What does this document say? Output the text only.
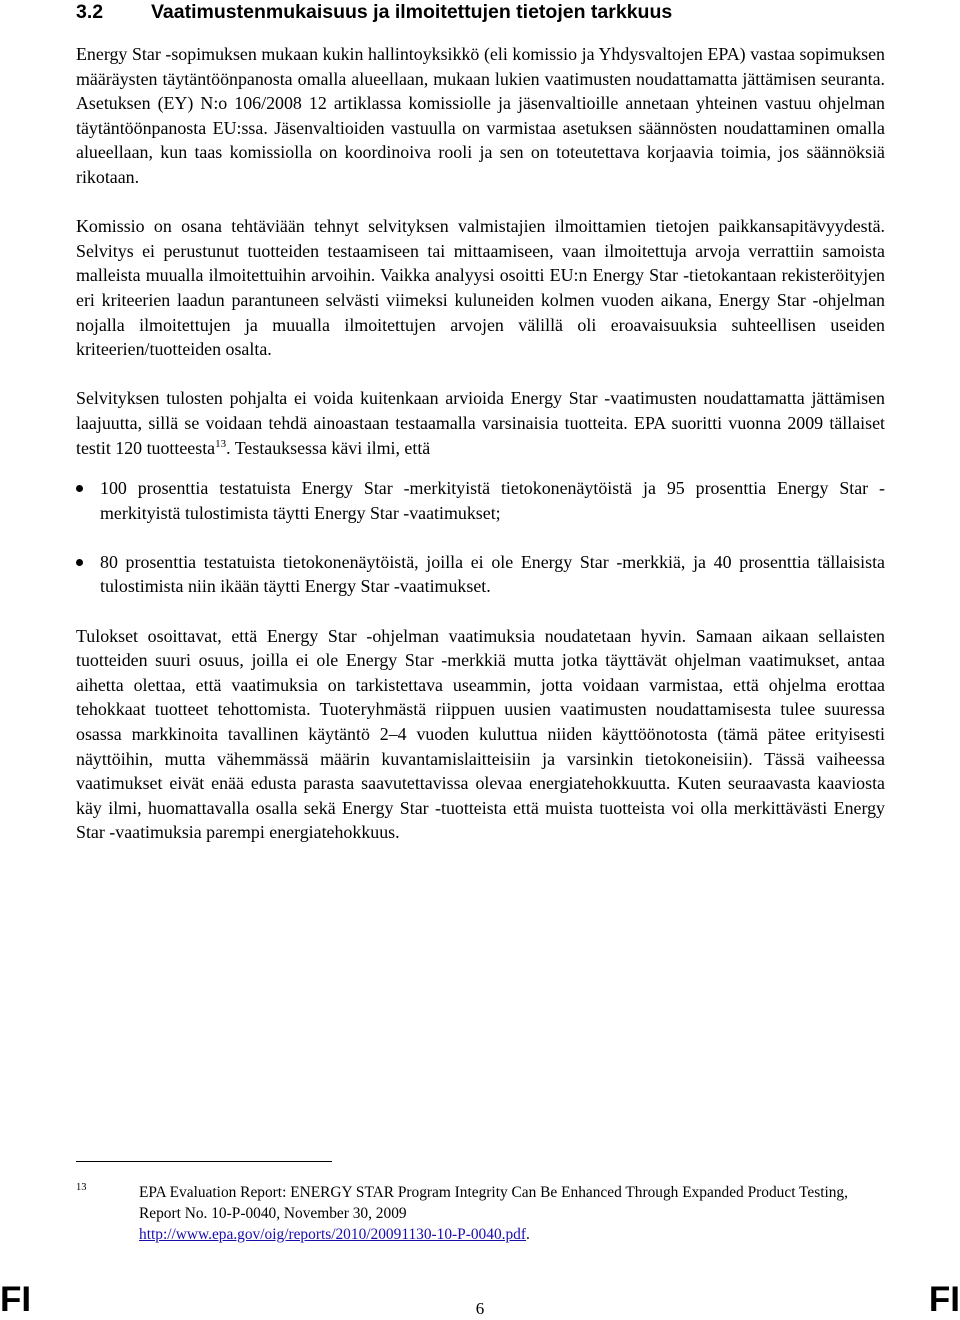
3.2 Vaatimustenmukaisuus ja ilmoitettujen tietojen tarkkuus

Energy Star -sopimuksen mukaan kukin hallintoyksikkö (eli komissio ja Yhdysvaltojen EPA) vastaa sopimuksen määräysten täytäntöönpanosta omalla alueellaan, mukaan lukien vaatimusten noudattamatta jättämisen seuranta. Asetuksen (EY) N:o 106/2008 12 artiklassa komissiolle ja jäsenvaltioille annetaan yhteinen vastuu ohjelman täytäntöönpanosta EU:ssa. Jäsenvaltioiden vastuulla on varmistaa asetuksen säännösten noudattaminen omalla alueellaan, kun taas komissiolla on koordinoiva rooli ja sen on toteutettava korjaavia toimia, jos säännöksiä rikotaan.

Komissio on osana tehtäviään tehnyt selvityksen valmistajien ilmoittamien tietojen paikkansapitävyydestä. Selvitys ei perustunut tuotteiden testaamiseen tai mittaamiseen, vaan ilmoitettuja arvoja verrattiin samoista malleista muualla ilmoitettuihin arvoihin. Vaikka analyysi osoitti EU:n Energy Star -tietokantaan rekisteröityjen eri kriteerien laadun parantuneen selvästi viimeksi kuluneiden kolmen vuoden aikana, Energy Star -ohjelman nojalla ilmoitettujen ja muualla ilmoitettujen arvojen välillä oli eroavaisuuksia suhteellisen useiden kriteerien/tuotteiden osalta.

Selvityksen tulosten pohjalta ei voida kuitenkaan arvioida Energy Star -vaatimusten noudattamatta jättämisen laajuutta, sillä se voidaan tehdä ainoastaan testaamalla varsinaisia tuotteita. EPA suoritti vuonna 2009 tällaiset testit 120 tuotteesta$^{13}$. Testauksessa kävi ilmi, että

100 prosenttia testatuista Energy Star -merkityistä tietokonenäytöistä ja 95 prosenttia Energy Star -merkityistä tulostimista täytti Energy Star -vaatimukset;
80 prosenttia testatuista tietokonenäytöistä, joilla ei ole Energy Star -merkkiä, ja 40 prosenttia tällaisista tulostimista niin ikään täytti Energy Star -vaatimukset.

Tulokset osoittavat, että Energy Star -ohjelman vaatimuksia noudatetaan hyvin. Samaan aikaan sellaisten tuotteiden suuri osuus, joilla ei ole Energy Star -merkkiä mutta jotka täyttävät ohjelman vaatimukset, antaa aihetta olettaa, että vaatimuksia on tarkistettava useammin, jotta voidaan varmistaa, että ohjelma erottaa tehokkaat tuotteet tehottomista. Tuoteryhmästä riippuen uusien vaatimusten noudattamisesta tulee suuressa osassa markkinoita tavallinen käytäntö 2–4 vuoden kuluttua niiden käyttöönotosta (tämä pätee erityisesti näyttöihin, mutta vähemmässä määrin kuvantamislaitteisiin ja varsinkin tietokoneisiin). Tässä vaiheessa vaatimukset eivät enää edusta parasta saavutettavissa olevaa energiatehokkuutta. Kuten seuraavasta kaaviosta käy ilmi, huomattavalla osalla sekä Energy Star -tuotteista että muista tuotteista voi olla merkittävästi Energy Star -vaatimuksia parempi energiatehokkuus.

13	EPA Evaluation Report: ENERGY STAR Program Integrity Can Be Enhanced Through Expanded Product Testing, Report No. 10-P-0040, November 30, 2009
http://www.epa.gov/oig/reports/2010/20091130-10-P-0040.pdf.
FI	6	FI
